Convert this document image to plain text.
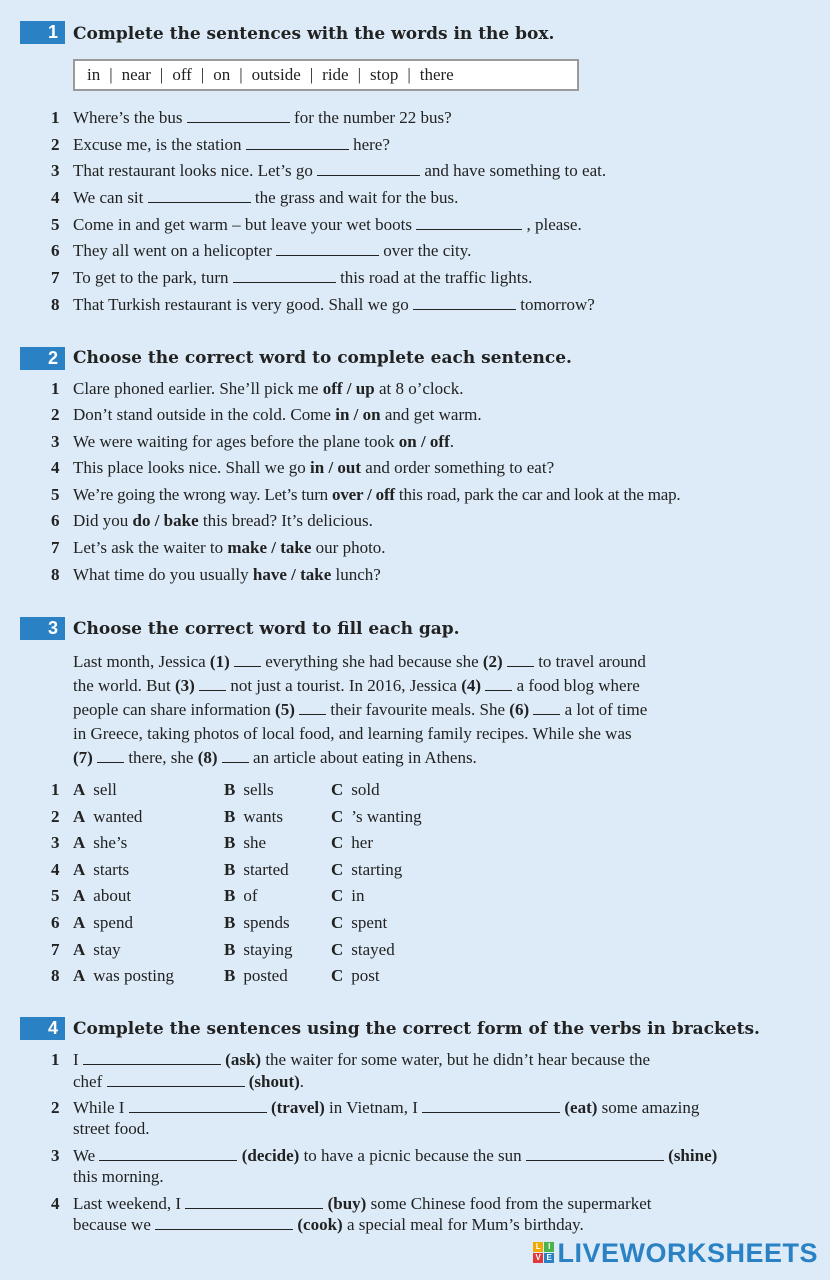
1 Complete the sentences with the words in the box.
in | near | off | on | outside | ride | stop | there
1 Where’s the bus	for the number 22 bus?
2 Excuse me, is the station	here?
3 That restaurant looks nice. Let’s go	and have something to eat.
4 We can sit	the grass and wait for the bus.
5 Come in and get warm – but leave your wet boots	, please.
6 They all went on a helicopter	over the city.
7 To get to the park, turn	this road at the traffic lights.
8 That Turkish restaurant is very good. Shall we go	tomorrow?
2 Choose the correct word to complete each sentence.
1 Clare phoned earlier. She’ll pick me off / up at 8 o’clock.
2 Don’t stand outside in the cold. Come in / on and get warm.
3 We were waiting for ages before the plane took on / off.
4 This place looks nice. Shall we go in / out and order something to eat?
5 We’re going the wrong way. Let’s turn over / off this road, park the car and look at the map.
6 Did you do / bake this bread? It’s delicious.
7 Let’s ask the waiter to make / take our photo.
8 What time do you usually have / take lunch?
3 Choose the correct word to fill each gap.
Last month, Jessica (1)  everything she had because she (2)  to travel around
the world. But (3)  not just a tourist. In 2016, Jessica (4)  a food blog where
people can share information (5)  their favourite meals. She (6)  a lot of time
in Greece, taking photos of local food, and learning family recipes. While she was
(7)  there, she (8)  an article about eating in Athens.
1 A sell	B sells	C sold
2 A wanted	B wants	C ’s wanting
3 A she’s	B she	C her
4 A starts	B started C starting
5 A about	B of	C in
6 A spend	B spends C spent
7 A stay	B staying C stayed
8 A was posting	B posted	C post
4 Complete the sentences using the correct form of the verbs in brackets.
1 I	(ask) the waiter for some water, but he didn’t hear because the
chef	(shout).
2 While I	(travel) in Vietnam, I	(eat) some amazing
street food.
3 We	(decide) to have a picnic because the sun	(shine)
this morning.
4 Last weekend, I	(buy) some Chinese food from the supermarket
because we	(cook) a special meal for Mum’s birthday.
L I
V E LIVEWORKSHEETS
